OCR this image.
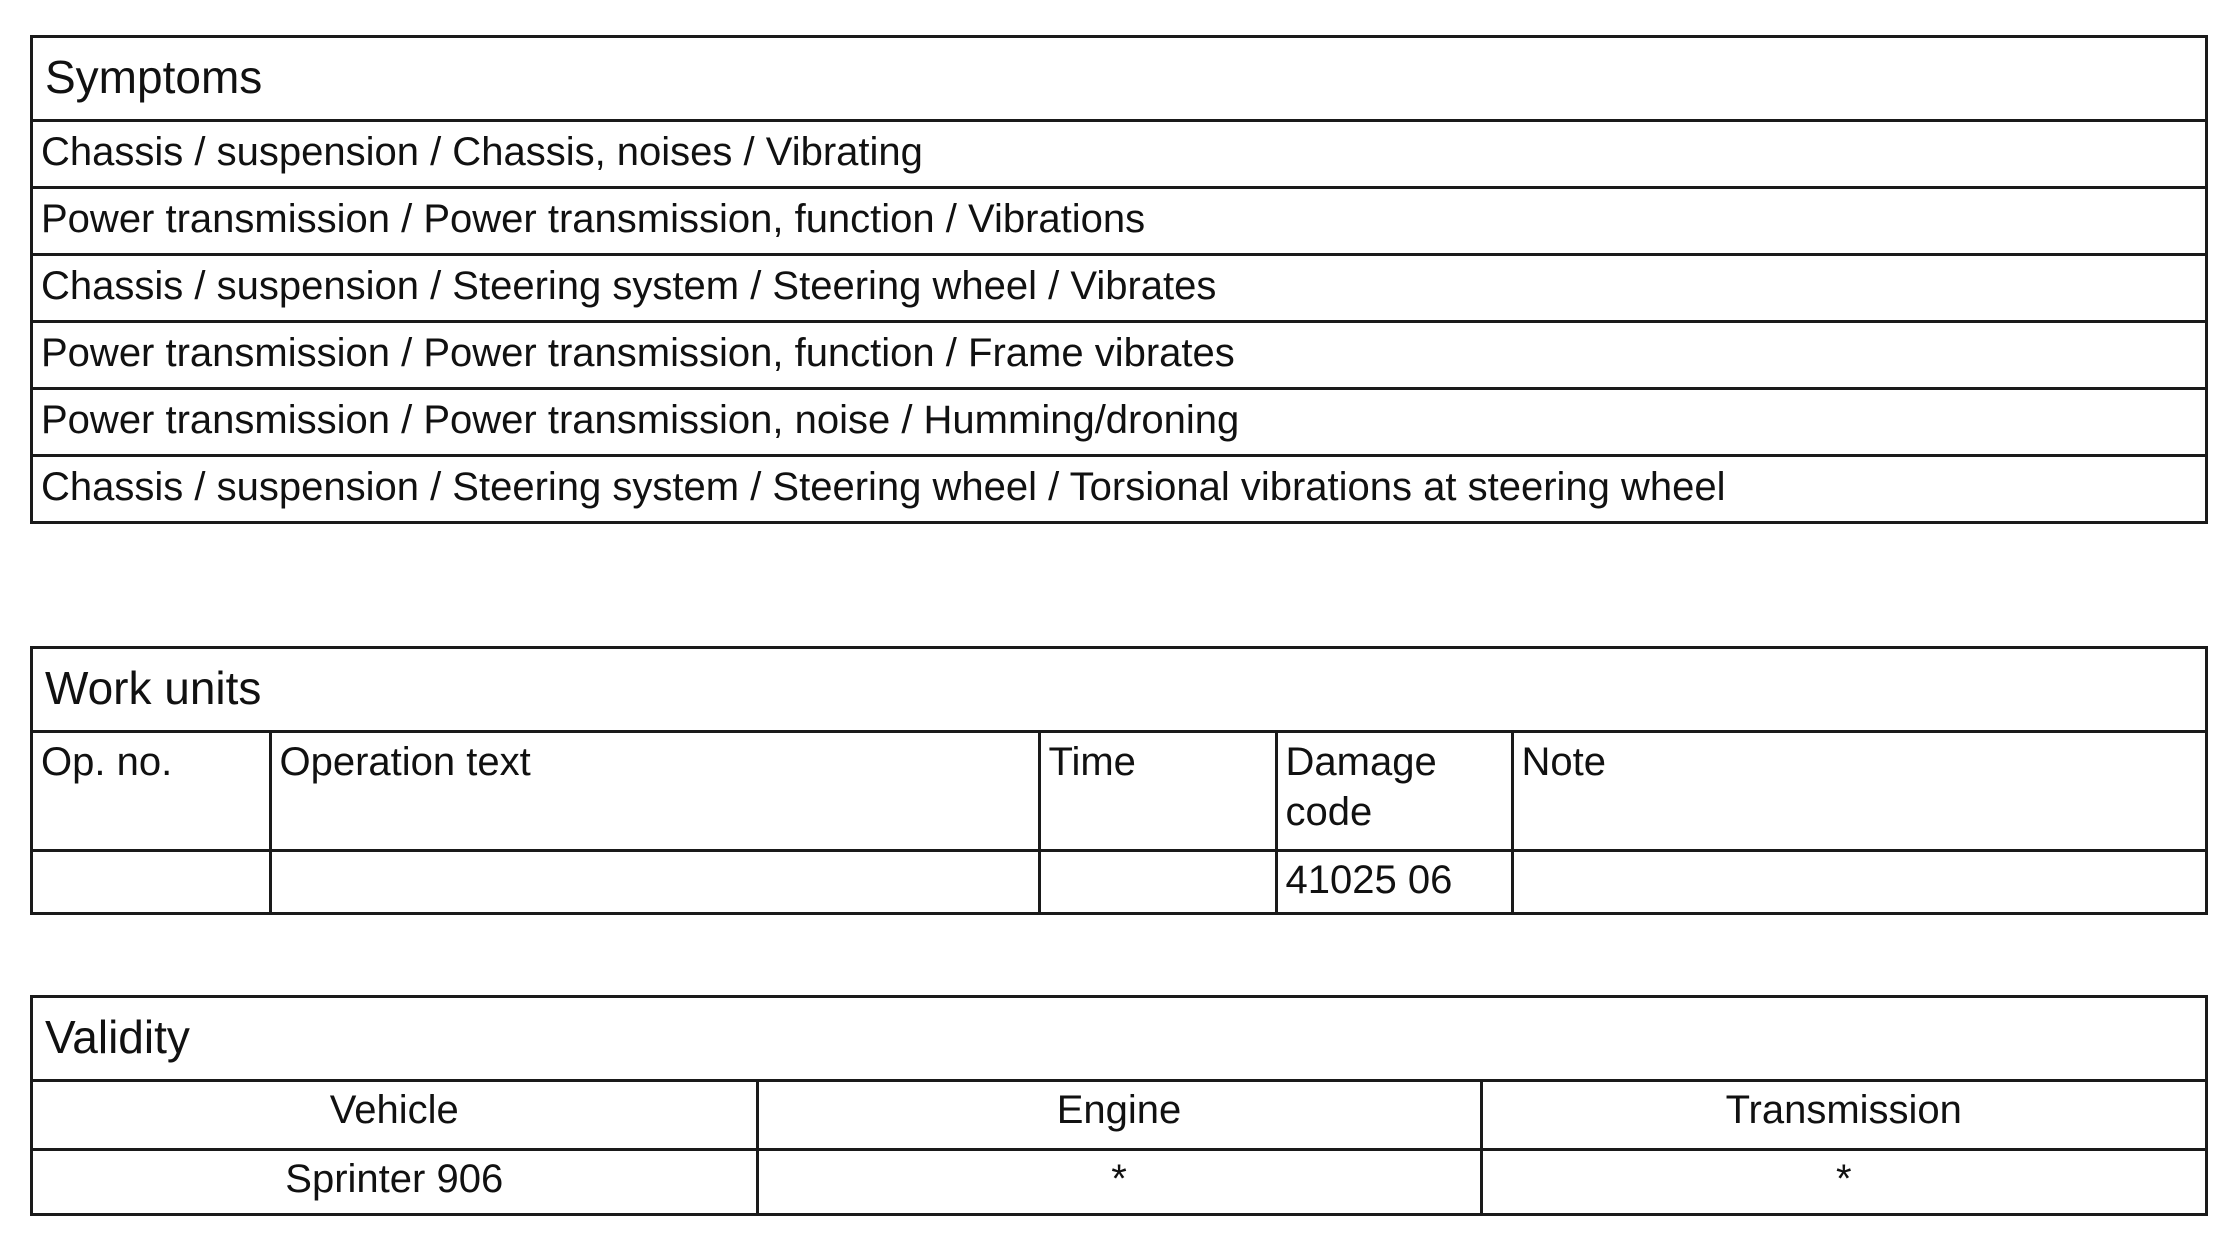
Symptoms
Chassis / suspension / Chassis, noises / Vibrating
Power transmission / Power transmission, function / Vibrations
Chassis / suspension / Steering system / Steering wheel / Vibrates
Power transmission / Power transmission, function / Frame vibrates
Power transmission / Power transmission, noise / Humming/droning
Chassis / suspension / Steering system / Steering wheel / Torsional vibrations at steering wheel
Work units
Op. no.	Operation text	Time	Damage code	Note
			41025 06	
Validity
Vehicle	Engine	Transmission
Sprinter 906	*	*
